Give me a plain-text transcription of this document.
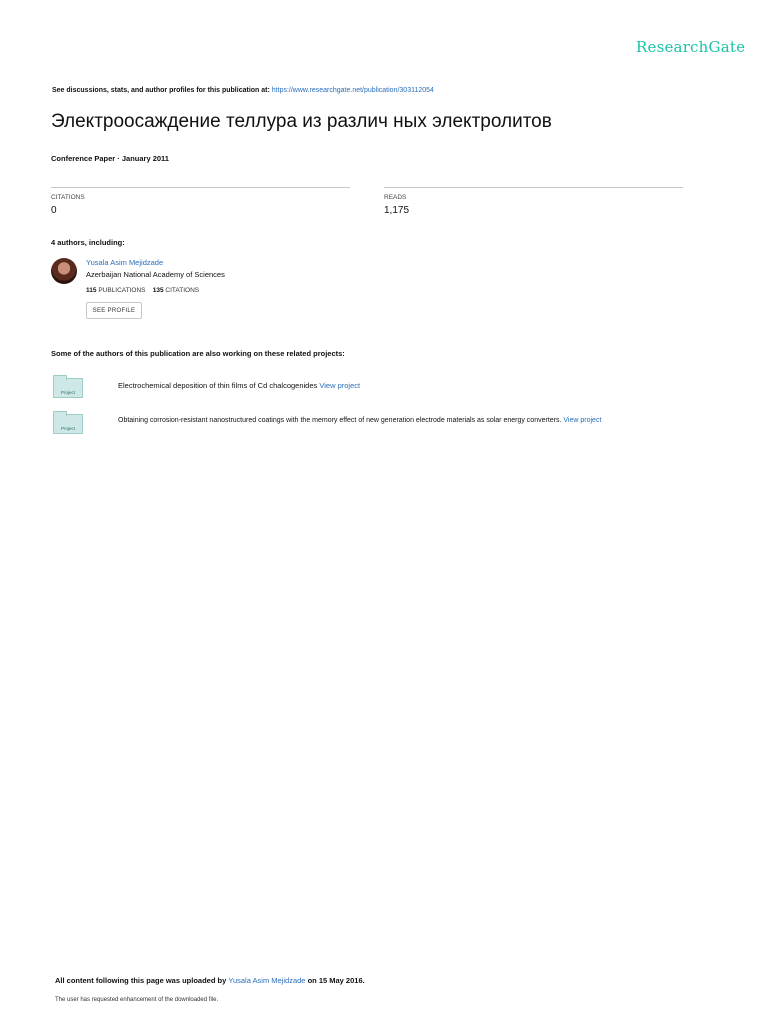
ResearchGate
See discussions, stats, and author profiles for this publication at: https://www.researchgate.net/publication/303112054
Электроосаждение теллура из различ ных электролитов
Conference Paper · January 2011
CITATIONS
0
READS
1,175
4 authors, including:
Yusala Asim Mejidzade
Azerbaijan National Academy of Sciences
115 PUBLICATIONS 135 CITATIONS
SEE PROFILE
Some of the authors of this publication are also working on these related projects:
Project
Electrochemical deposition of thin films of Cd chalcogenides View project
Project
Obtaining corrosion-resistant nanostructured coatings with the memory effect of new generation electrode materials as solar energy converters. View project
All content following this page was uploaded by Yusala Asim Mejidzade on 15 May 2016.
The user has requested enhancement of the downloaded file.
